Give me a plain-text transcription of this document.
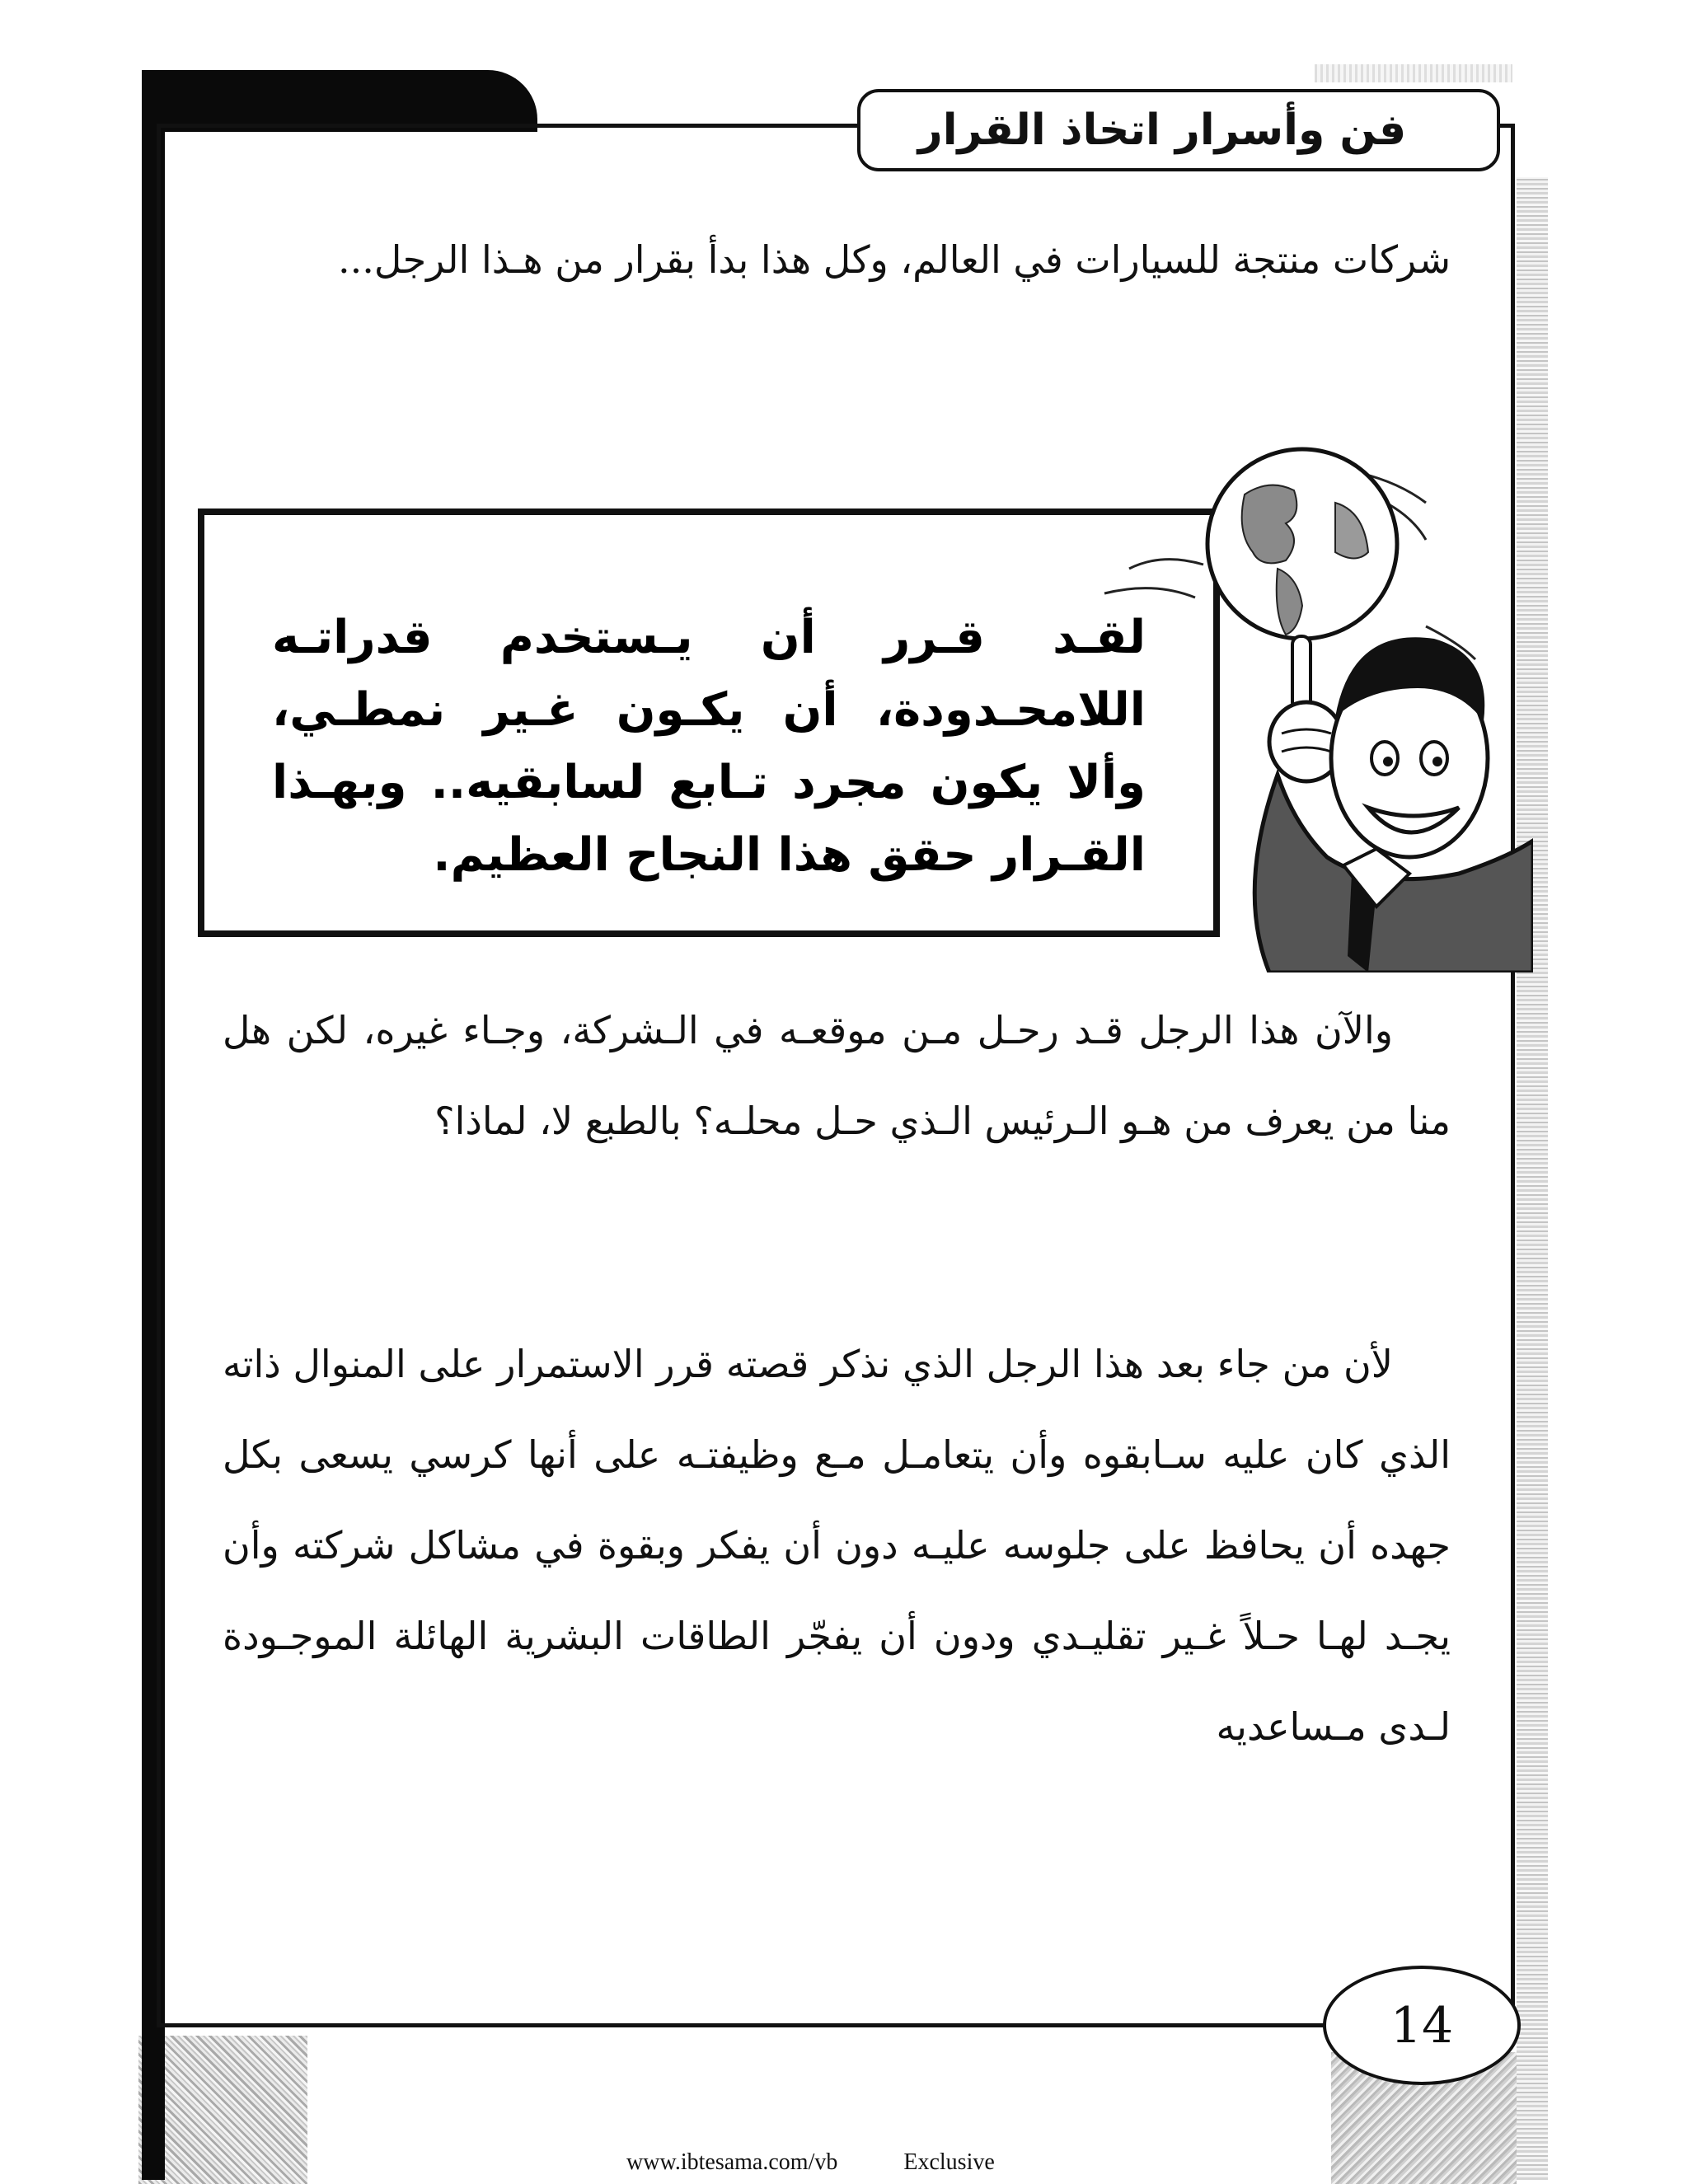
فن وأسرار اتخاذ القرار
شركات منتجة للسيارات في العالم، وكل هذا بدأ بقرار من هـذا الرجل...
لقـد قـرر أن يـستخدم قدراتـه اللامحـدودة، أن يكـون غـير نمطـي، وألا يكون مجرد تـابع لسابقيه.. وبهـذا القـرار حقق هذا النجاح العظيم.
والآن هذا الرجل قـد رحـل مـن موقعـه في الـشركة، وجـاء غيره، لكن هل منا من يعرف من هـو الـرئيس الـذي حـل محلـه؟ بالطبع لا، لماذا؟
لأن من جاء بعد هذا الرجل الذي نذكر قصته قرر الاستمرار على المنوال ذاته الذي كان عليه سـابقوه وأن يتعامـل مـع وظيفتـه على أنها كرسي يسعى بكل جهده أن يحافظ على جلوسه عليـه دون أن يفكر وبقوة في مشاكل شركته وأن يجـد لهـا حـلاً غـير تقليـدي ودون أن يفجّر الطاقات البشرية الهائلة الموجـودة لـدى مـساعديه
14
www.ibtesama.com/vb	Exclusive
